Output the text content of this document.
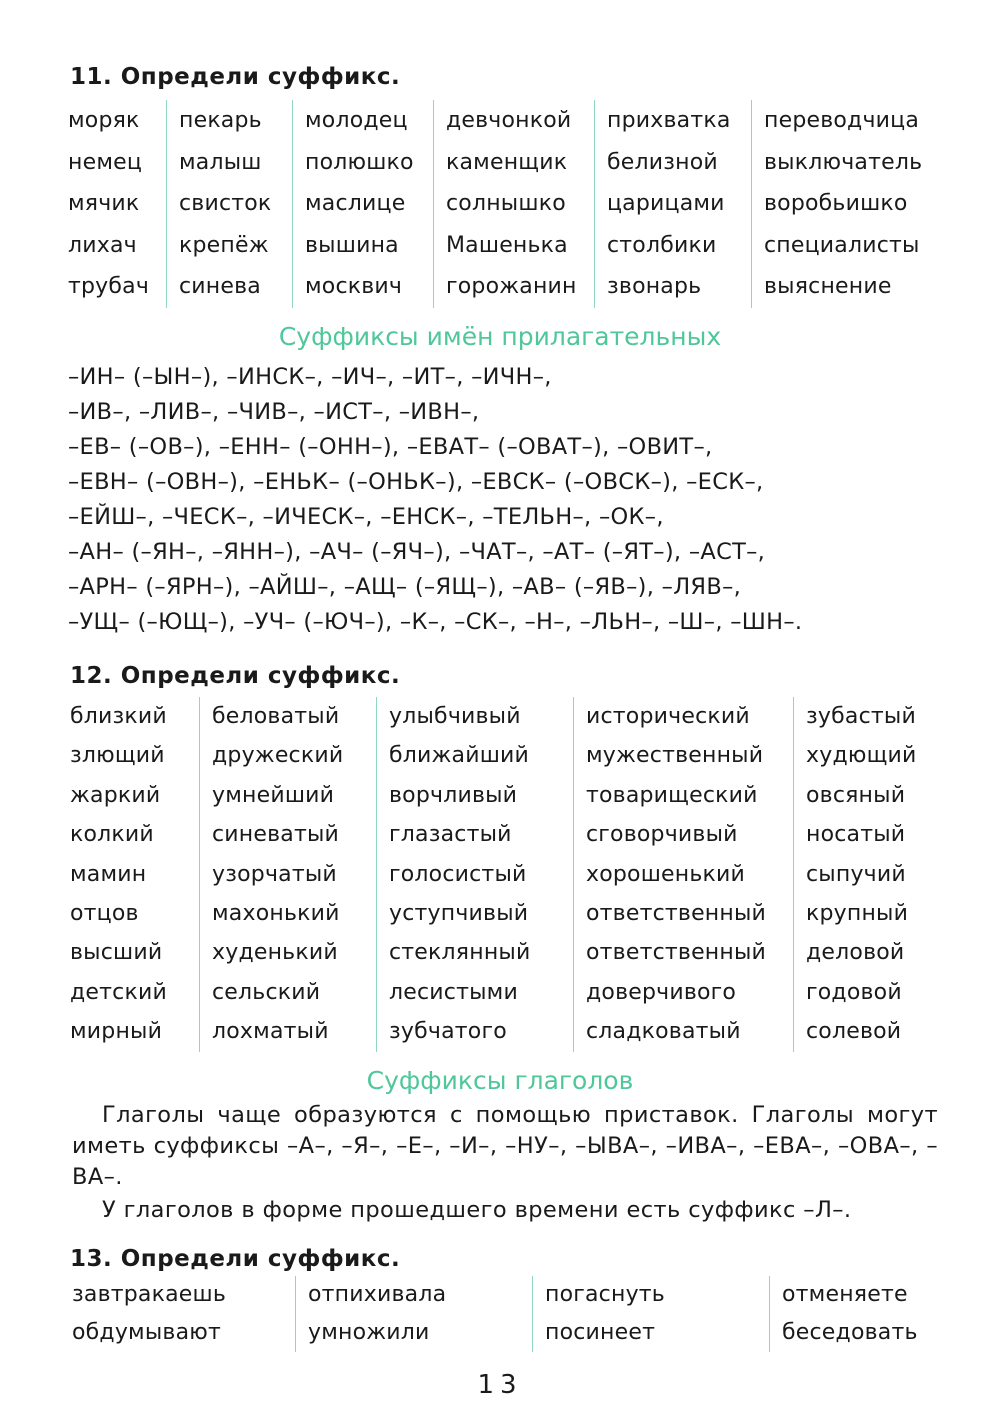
11. Определи суффикс.
моряк
немец
мячик
лихач
трубач
пекарь
малыш
свисток
крепёж
синева
молодец
полюшко
маслице
вышина
москвич
девчонкой
каменщик
солнышко
Машенька
горожанин
прихватка
белизной
царицами
столбики
звонарь
переводчица
выключатель
воробьишко
специалисты
выяснение
Суффиксы имён прилагательных
–ИН– (–ЫН–), –ИНСК–, –ИЧ–, –ИТ–, –ИЧН–,
–ИВ–, –ЛИВ–, –ЧИВ–, –ИСТ–, –ИВН–,
–ЕВ– (–ОВ–), –ЕНН– (–ОНН–), –ЕВАТ– (–ОВАТ–), –ОВИТ–,
–ЕВН– (–ОВН–), –ЕНЬК– (–ОНЬК–), –ЕВСК– (–ОВСК–), –ЕСК–,
–ЕЙШ–, –ЧЕСК–, –ИЧЕСК–, –ЕНСК–, –ТЕЛЬН–, –ОК–,
–АН– (–ЯН–, –ЯНН–), –АЧ– (–ЯЧ–), –ЧАТ–, –АТ– (–ЯТ–), –АСТ–,
–АРН– (–ЯРН–), –АЙШ–, –АЩ– (–ЯЩ–), –АВ– (–ЯВ–), –ЛЯВ–,
–УЩ– (–ЮЩ–), –УЧ– (–ЮЧ–), –К–, –СК–, –Н–, –ЛЬН–, –Ш–, –ШН–.
12. Определи суффикс.
близкий
злющий
жаркий
колкий
мамин
отцов
высший
детский
мирный
беловатый
дружеский
умнейший
синеватый
узорчатый
махонький
худенький
сельский
лохматый
улыбчивый
ближайший
ворчливый
глазастый
голосистый
уступчивый
стеклянный
лесистыми
зубчатого
исторический
мужественный
товарищеский
сговорчивый
хорошенький
ответственный
ответственный
доверчивого
сладковатый
зубастый
худющий
овсяный
носатый
сыпучий
крупный
деловой
годовой
солевой
Суффиксы глаголов

Глаголы чаще образуются с помощью приставок. Глаголы могут иметь суффиксы –А–, –Я–, –Е–, –И–, –НУ–, –ЫВА–, –ИВА–, –ЕВА–, –ОВА–, –ВА–.

У глаголов в форме прошедшего времени есть суффикс –Л–.

13. Определи суффикс.
завтракаешь
обдумывают
отпихивала
умножили
погаснуть
посинеет
отменяете
беседовать
13
